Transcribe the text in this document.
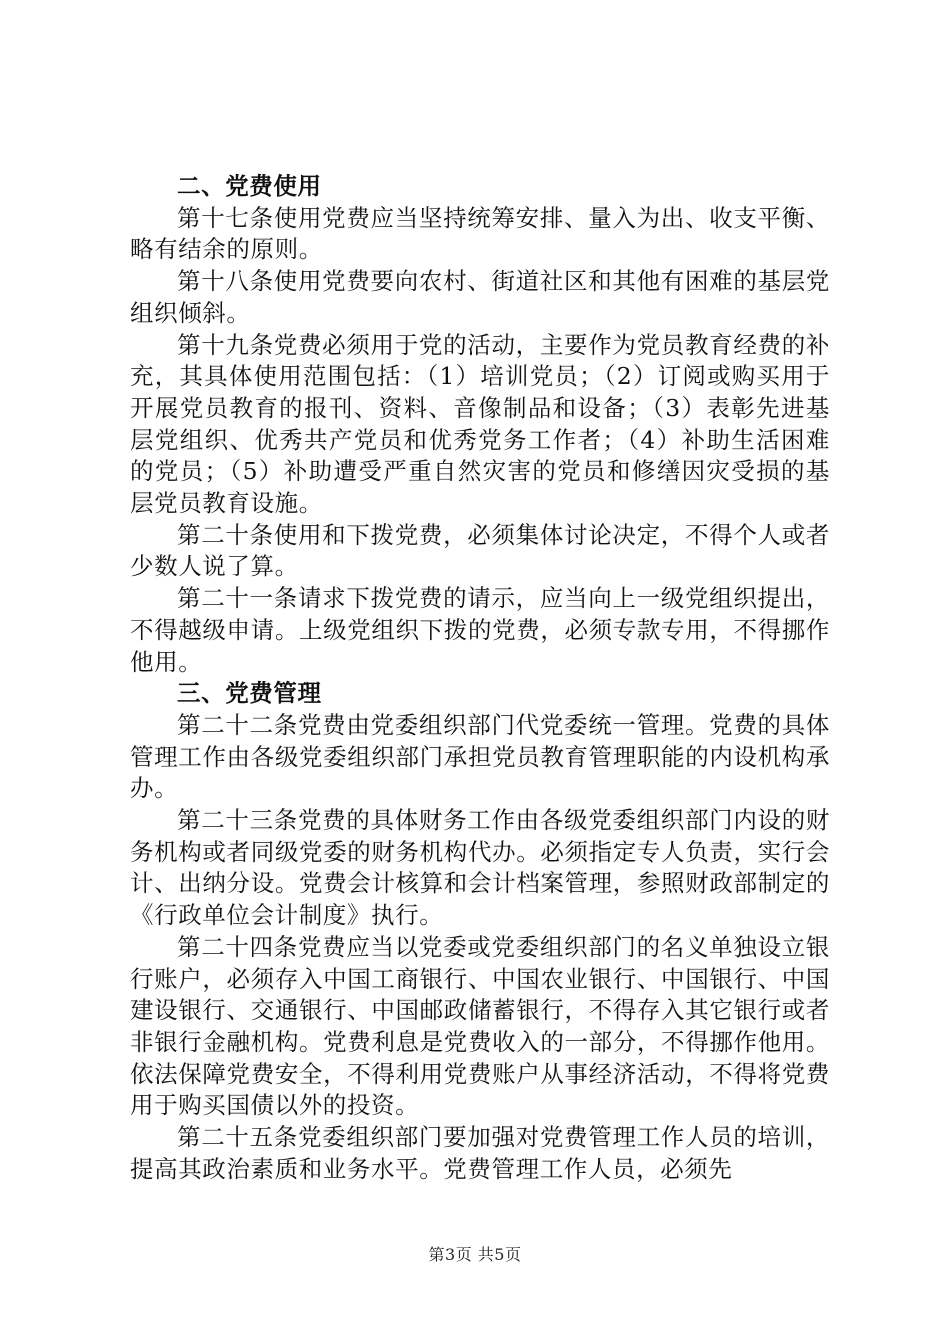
二、党费使用

第十七条使用党费应当坚持统筹安排、量入为出、收支平衡、略有结余的原则。

第十八条使用党费要向农村、街道社区和其他有困难的基层党组织倾斜。

第十九条党费必须用于党的活动，主要作为党员教育经费的补充，其具体使用范围包括：（1）培训党员；（2）订阅或购买用于开展党员教育的报刊、资料、音像制品和设备；（3）表彰先进基层党组织、优秀共产党员和优秀党务工作者；（4）补助生活困难的党员；（5）补助遭受严重自然灾害的党员和修缮因灾受损的基层党员教育设施。

第二十条使用和下拨党费，必须集体讨论决定，不得个人或者少数人说了算。

第二十一条请求下拨党费的请示，应当向上一级党组织提出，不得越级申请。上级党组织下拨的党费，必须专款专用，不得挪作他用。

三、党费管理

第二十二条党费由党委组织部门代党委统一管理。党费的具体管理工作由各级党委组织部门承担党员教育管理职能的内设机构承办。

第二十三条党费的具体财务工作由各级党委组织部门内设的财务机构或者同级党委的财务机构代办。必须指定专人负责，实行会计、出纳分设。党费会计核算和会计档案管理，参照财政部制定的《行政单位会计制度》执行。

第二十四条党费应当以党委或党委组织部门的名义单独设立银行账户，必须存入中国工商银行、中国农业银行、中国银行、中国建设银行、交通银行、中国邮政储蓄银行，不得存入其它银行或者非银行金融机构。党费利息是党费收入的一部分，不得挪作他用。依法保障党费安全，不得利用党费账户从事经济活动，不得将党费用于购买国债以外的投资。

第二十五条党委组织部门要加强对党费管理工作人员的培训，提高其政治素质和业务水平。党费管理工作人员，必须先

第3页 共5页
